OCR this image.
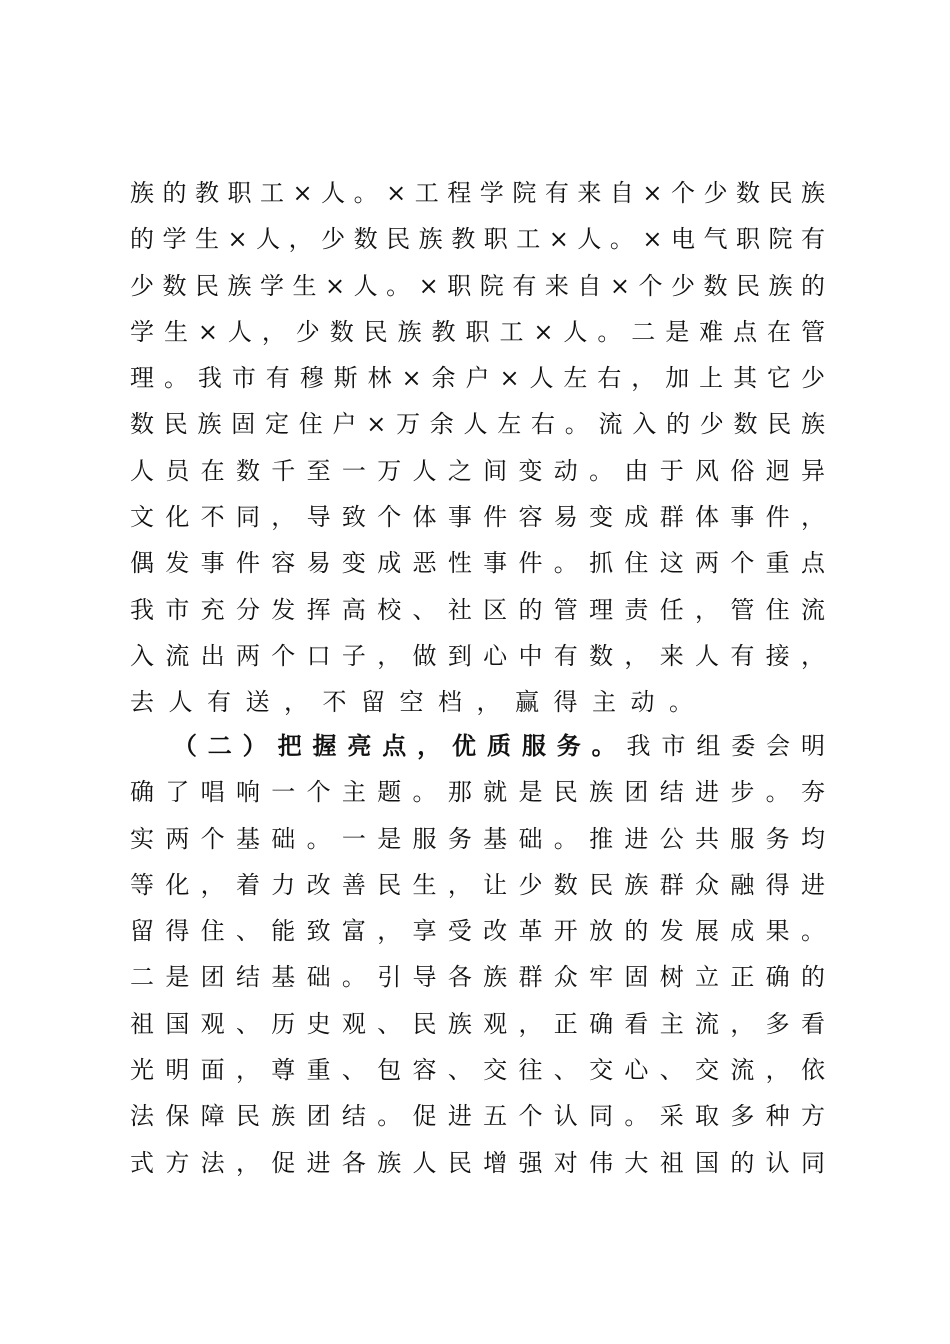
族的教职工×人。×工程学院有来自×个少数民族
的学生×人，少数民族教职工×人。×电气职院有
少数民族学生×人。×职院有来自×个少数民族的
学生×人，少数民族教职工×人。二是难点在管
理。我市有穆斯林×余户×人左右，加上其它少
数民族固定住户×万余人左右。流入的少数民族
人员在数千至一万人之间变动。由于风俗迥异
文化不同，导致个体事件容易变成群体事件，
偶发事件容易变成恶性事件。抓住这两个重点
我市充分发挥高校、社区的管理责任，管住流
入流出两个口子，做到心中有数，来人有接，
去人有送，不留空档，赢得主动。
（二）把握亮点，优质服务。我市组委会明
确了唱响一个主题。那就是民族团结进步。夯
实两个基础。一是服务基础。推进公共服务均
等化，着力改善民生，让少数民族群众融得进
留得住、能致富，享受改革开放的发展成果。
二是团结基础。引导各族群众牢固树立正确的
祖国观、历史观、民族观，正确看主流，多看
光明面，尊重、包容、交往、交心、交流，依
法保障民族团结。促进五个认同。采取多种方
式方法，促进各族人民增强对伟大祖国的认同
